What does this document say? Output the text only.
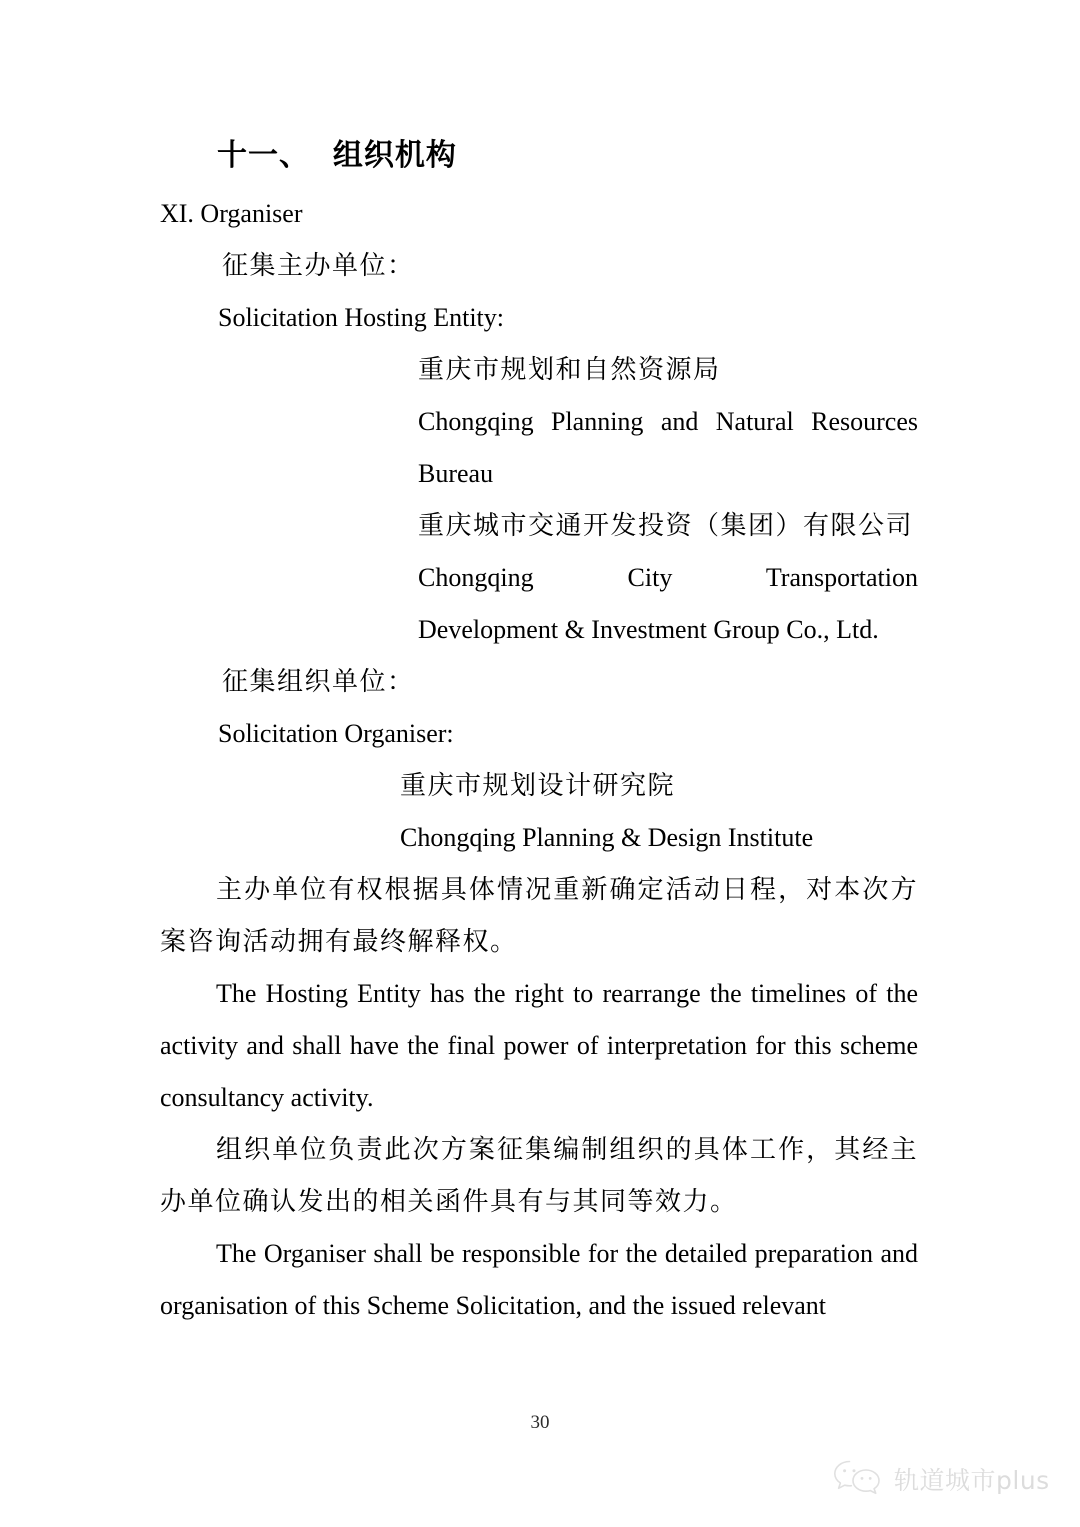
十一、  组织机构

XI. Organiser

征集主办单位：

Solicitation Hosting Entity:

重庆市规划和自然资源局

Chongqing Planning and Natural Resources

Bureau

重庆城市交通开发投资（集团）有限公司

Chongqing City Transportation

Development & Investment Group Co., Ltd.

征集组织单位：

Solicitation Organiser:

重庆市规划设计研究院

Chongqing Planning & Design Institute

主办单位有权根据具体情况重新确定活动日程，对本次方案咨询活动拥有最终解释权。

The Hosting Entity has the right to rearrange the timelines of the activity and shall have the final power of interpretation for this scheme consultancy activity.

组织单位负责此次方案征集编制组织的具体工作，其经主办单位确认发出的相关函件具有与其同等效力。

The Organiser shall be responsible for the detailed preparation and organisation of this Scheme Solicitation, and the issued relevant

30
轨道城市plus
